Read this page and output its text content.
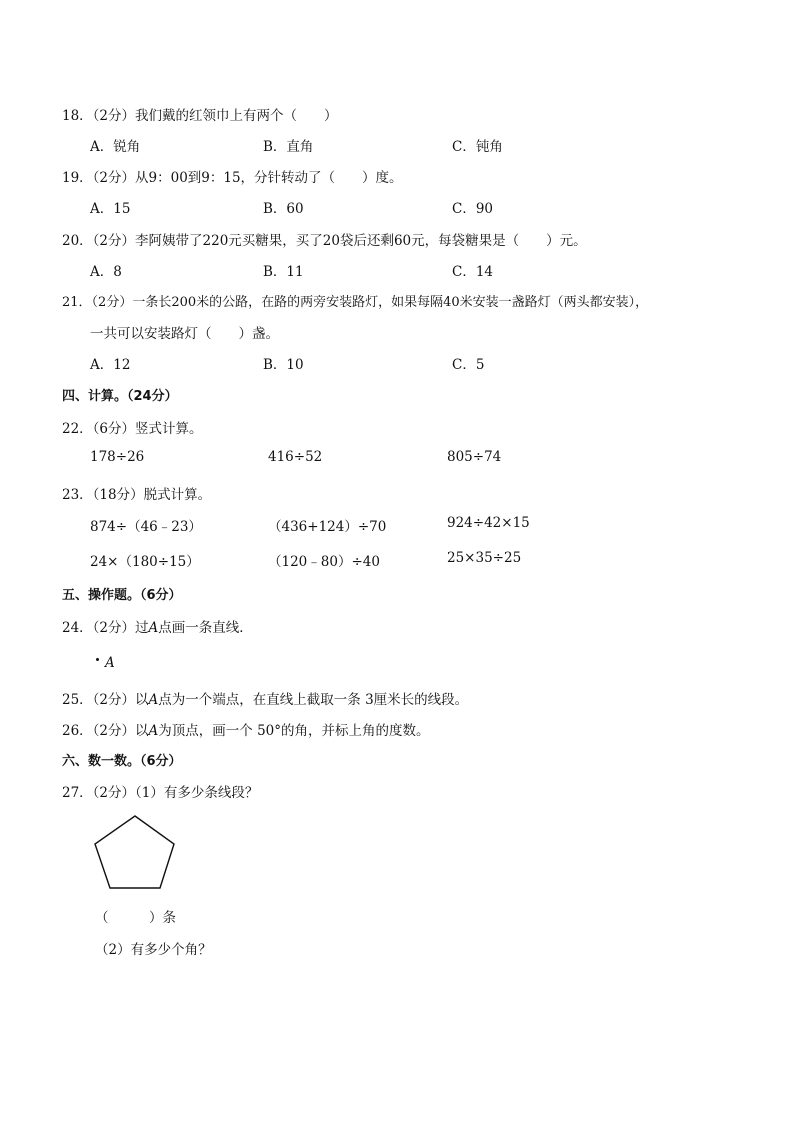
18．（2分）我们戴的红领巾上有两个（　　）
A．锐角	B．直角	C．钝角
19．（2分）从9：00到9：15，分针转动了（　　）度。
A．15	B．60	C．90
20．（2分）李阿姨带了220元买糖果，买了20袋后还剩60元，每袋糖果是（　　）元。
A．8	B．11	C．14
21．（2分）一条长200米的公路，在路的两旁安装路灯，如果每隔40米安装一盏路灯（两头都安装），
一共可以安装路灯（　　）盏。
A．12	B．10	C．5
四、计算。（24分）
22．（6分）竖式计算。
178÷26	416÷52	805÷74
23．（18分）脱式计算。
874÷（46﹣23）	（436+124）÷70	924÷42×15
24×（180÷15）	（120﹣80）÷40	25×35÷25
五、操作题。（6分）
24．（2分）过A点画一条直线．
A
25．（2分）以A点为一个端点，在直线上截取一条 3厘米长的线段。
26．（2分）以A为顶点，画一个 50°的角，并标上角的度数。
六、数一数。（6分）
27．（2分）（1）有多少条线段？
（　　　）条
（2）有多少个角？
